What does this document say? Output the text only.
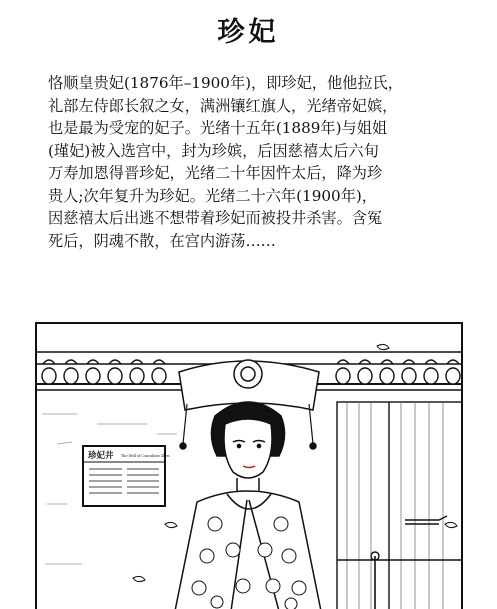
珍妃
恪顺皇贵妃(1876年–1900年)，即珍妃，他他拉氏，
礼部左侍郎长叙之女，满洲镶红旗人，光绪帝妃嫔，
也是最为受宠的妃子。光绪十五年(1889年)与姐姐
(瑾妃)被入选宫中，封为珍嫔，后因慈禧太后六旬
万寿加恩得晋珍妃，光绪二十年因忤太后，降为珍
贵人;次年复升为珍妃。光绪二十六年(1900年)，
因慈禧太后出逃不想带着珍妃而被投井杀害。含冤
死后，阴魂不散，在宫内游荡……
珍妃井 The Well of Concubine Zhen
